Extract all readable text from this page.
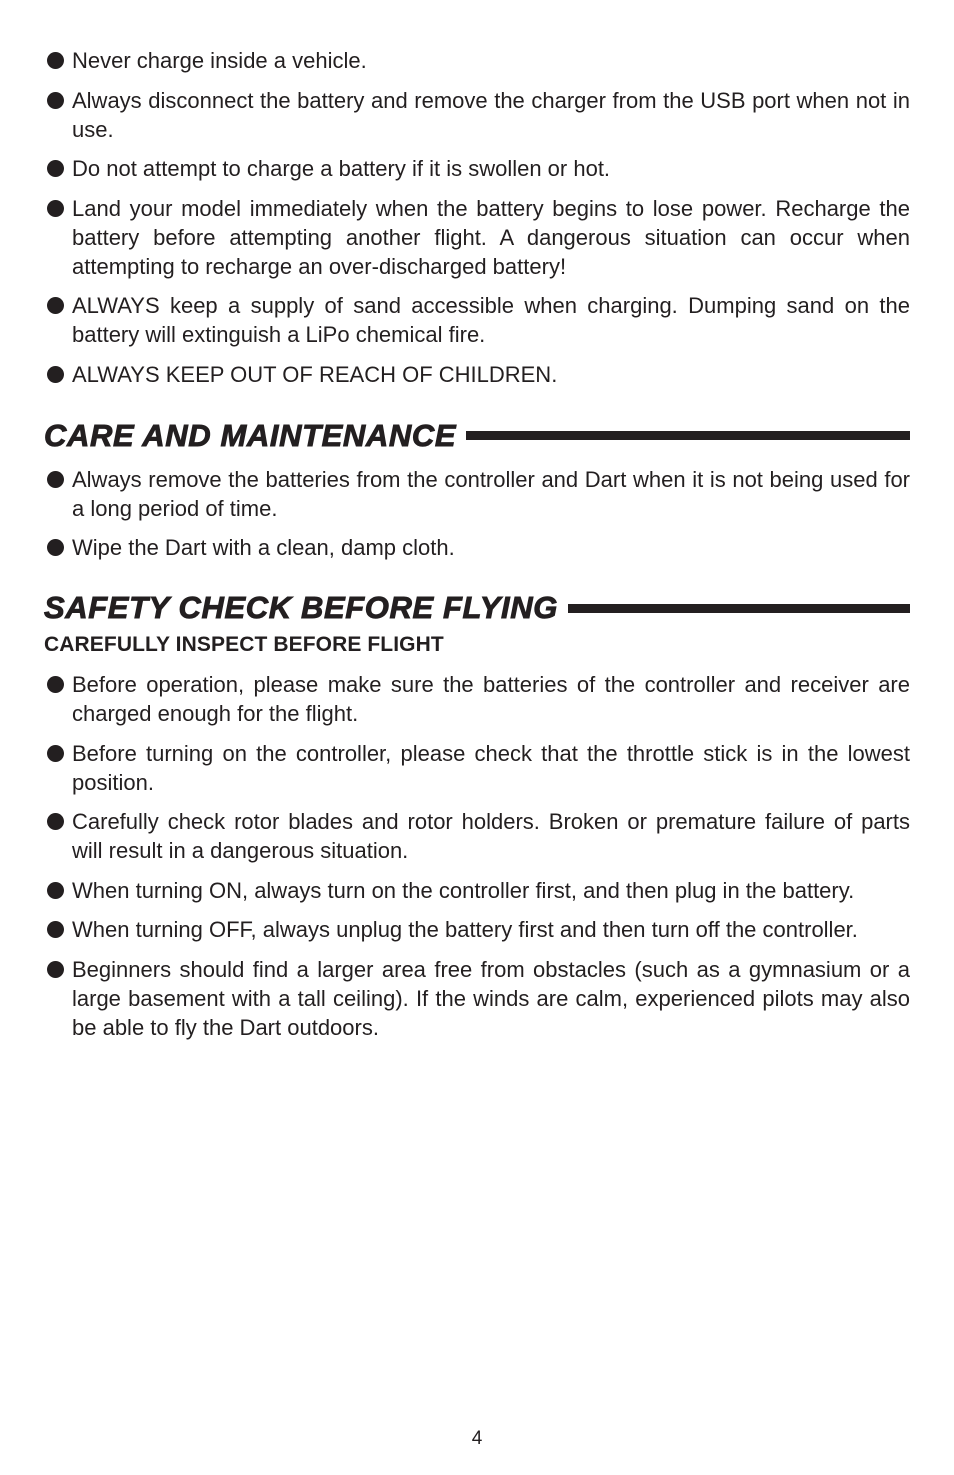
Never charge inside a vehicle.
Always disconnect the battery and remove the charger from the USB port when not in use.
Do not attempt to charge a battery if it is swollen or hot.
Land your model immediately when the battery begins to lose power. Recharge the battery before attempting another flight. A dangerous situation can occur when attempting to recharge an over-discharged battery!
ALWAYS keep a supply of sand accessible when charging. Dumping sand on the battery will extinguish a LiPo chemical fire.
ALWAYS KEEP OUT OF REACH OF CHILDREN.
CARE AND MAINTENANCE
Always remove the batteries from the controller and Dart when it is not being used for a long period of time.
Wipe the Dart with a clean, damp cloth.
SAFETY CHECK BEFORE FLYING
CAREFULLY INSPECT BEFORE FLIGHT
Before operation, please make sure the batteries of the controller and receiver are charged enough for the flight.
Before turning on the controller, please check that the throttle stick is in the lowest position.
Carefully check rotor blades and rotor holders. Broken or premature failure of parts will result in a dangerous situation.
When turning ON, always turn on the controller first, and then plug in the battery.
When turning OFF, always unplug the battery first and then turn off the controller.
Beginners should find a larger area free from obstacles (such as a gymnasium or a large basement with a tall ceiling). If the winds are calm, experienced pilots may also be able to fly the Dart outdoors.
4
